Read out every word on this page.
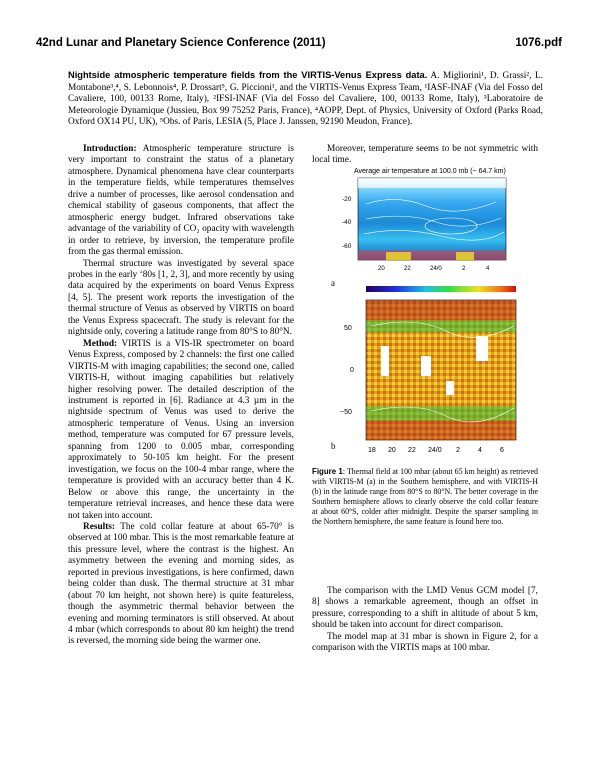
42nd Lunar and Planetary Science Conference (2011)	1076.pdf
Nightside atmospheric temperature fields from the VIRTIS-Venus Express data. A. Migliorini¹, D. Grassi², L. Montabone³,⁴, S. Lebonnois⁴, P. Drossart⁵, G. Piccioni¹, and the VIRTIS-Venus Express Team, ¹IASF-INAF (Via del Fosso del Cavaliere, 100, 00133 Rome, Italy), ²IFSI-INAF (Via del Fosso del Cavaliere, 100, 00133 Rome, Italy), ³Laboratoire de Meteorologie Dynamique (Jussieu, Box 99 75252 Paris, France), ⁴AOPP, Dept. of Physics, University of Oxford (Parks Road, Oxford OX14 PU, UK), ⁵Obs. of Paris, LESIA (5, Place J. Janssen, 92190 Meudon, France).

Introduction: Atmospheric temperature structure is very important to constraint the status of a planetary atmosphere. Dynamical phenomena have clear counterparts in the temperature fields, while temperatures themselves drive a number of processes, like aerosol condensation and chemical stability of gaseous components, that affect the atmospheric energy budget. Infrared observations take advantage of the variability of CO₂ opacity with wavelength in order to retrieve, by inversion, the temperature profile from the gas thermal emission.

Thermal structure was investigated by several space probes in the early ‘80s [1, 2, 3], and more recently by using data acquired by the experiments on board Venus Express [4, 5]. The present work reports the investigation of the thermal structure of Venus as observed by VIRTIS on board the Venus Express spacecraft. The study is relevant for the nightside only, covering a latitude range from 80°S to 80°N.

Method: VIRTIS is a VIS-IR spectrometer on board Venus Express, composed by 2 channels: the first one called VIRTIS-M with imaging capabilities; the second one, called VIRTIS-H, without imaging capabilities but relatively higher resolving power. The detailed description of the instrument is reported in [6]. Radiance at 4.3 µm in the nightside spectrum of Venus was used to derive the atmospheric temperature of Venus. Using an inversion method, temperature was computed for 67 pressure levels, spanning from 1200 to 0.005 mbar, corresponding approximately to 50-105 km height. For the present investigation, we focus on the 100-4 mbar range, where the temperature is provided with an accuracy better than 4 K. Below or above this range, the uncertainty in the temperature retrieval increases, and hence these data were not taken into account.

Results: The cold collar feature at about 65-70° is observed at 100 mbar. This is the most remarkable feature at this pressure level, where the contrast is the highest. An asymmetry between the evening and morning sides, as reported in previous investigations, is here confirmed, dawn being colder than dusk. The thermal structure at 31 mbar (about 70 km height, not shown here) is quite featureless, though the asymmetric thermal behavior between the evening and morning terminators is still observed. At about 4 mbar (which corresponds to about 80 km height) the trend is reversed, the morning side being the warmer one.

Moreover, temperature seems to be not symmetric with local time.

Average air temperature at 100.0 mb (~ 64.7 km)
-20
-40
-60
20	22	24/0	2	4
a
50
0
−50
18 20 22 24/0 2	4	6
b
Figure 1: Thermal field at 100 mbar (about 65 km height) as retrieved with VIRTIS-M (a) in the Southern hemisphere, and with VIRTIS-H (b) in the latitude range from 80°S to 80°N. The better coverage in the Southern hemisphere allows to clearly observe the cold collar feature at about 60°S, colder after midnight. Despite the sparser sampling in the Northern hemisphere, the same feature is found here too.

The comparison with the LMD Venus GCM model [7, 8] shows a remarkable agreement, though an offset in pressure, corresponding to a shift in altitude of about 5 km, should be taken into account for direct comparison.

The model map at 31 mbar is shown in Figure 2, for a comparison with the VIRTIS maps at 100 mbar.
